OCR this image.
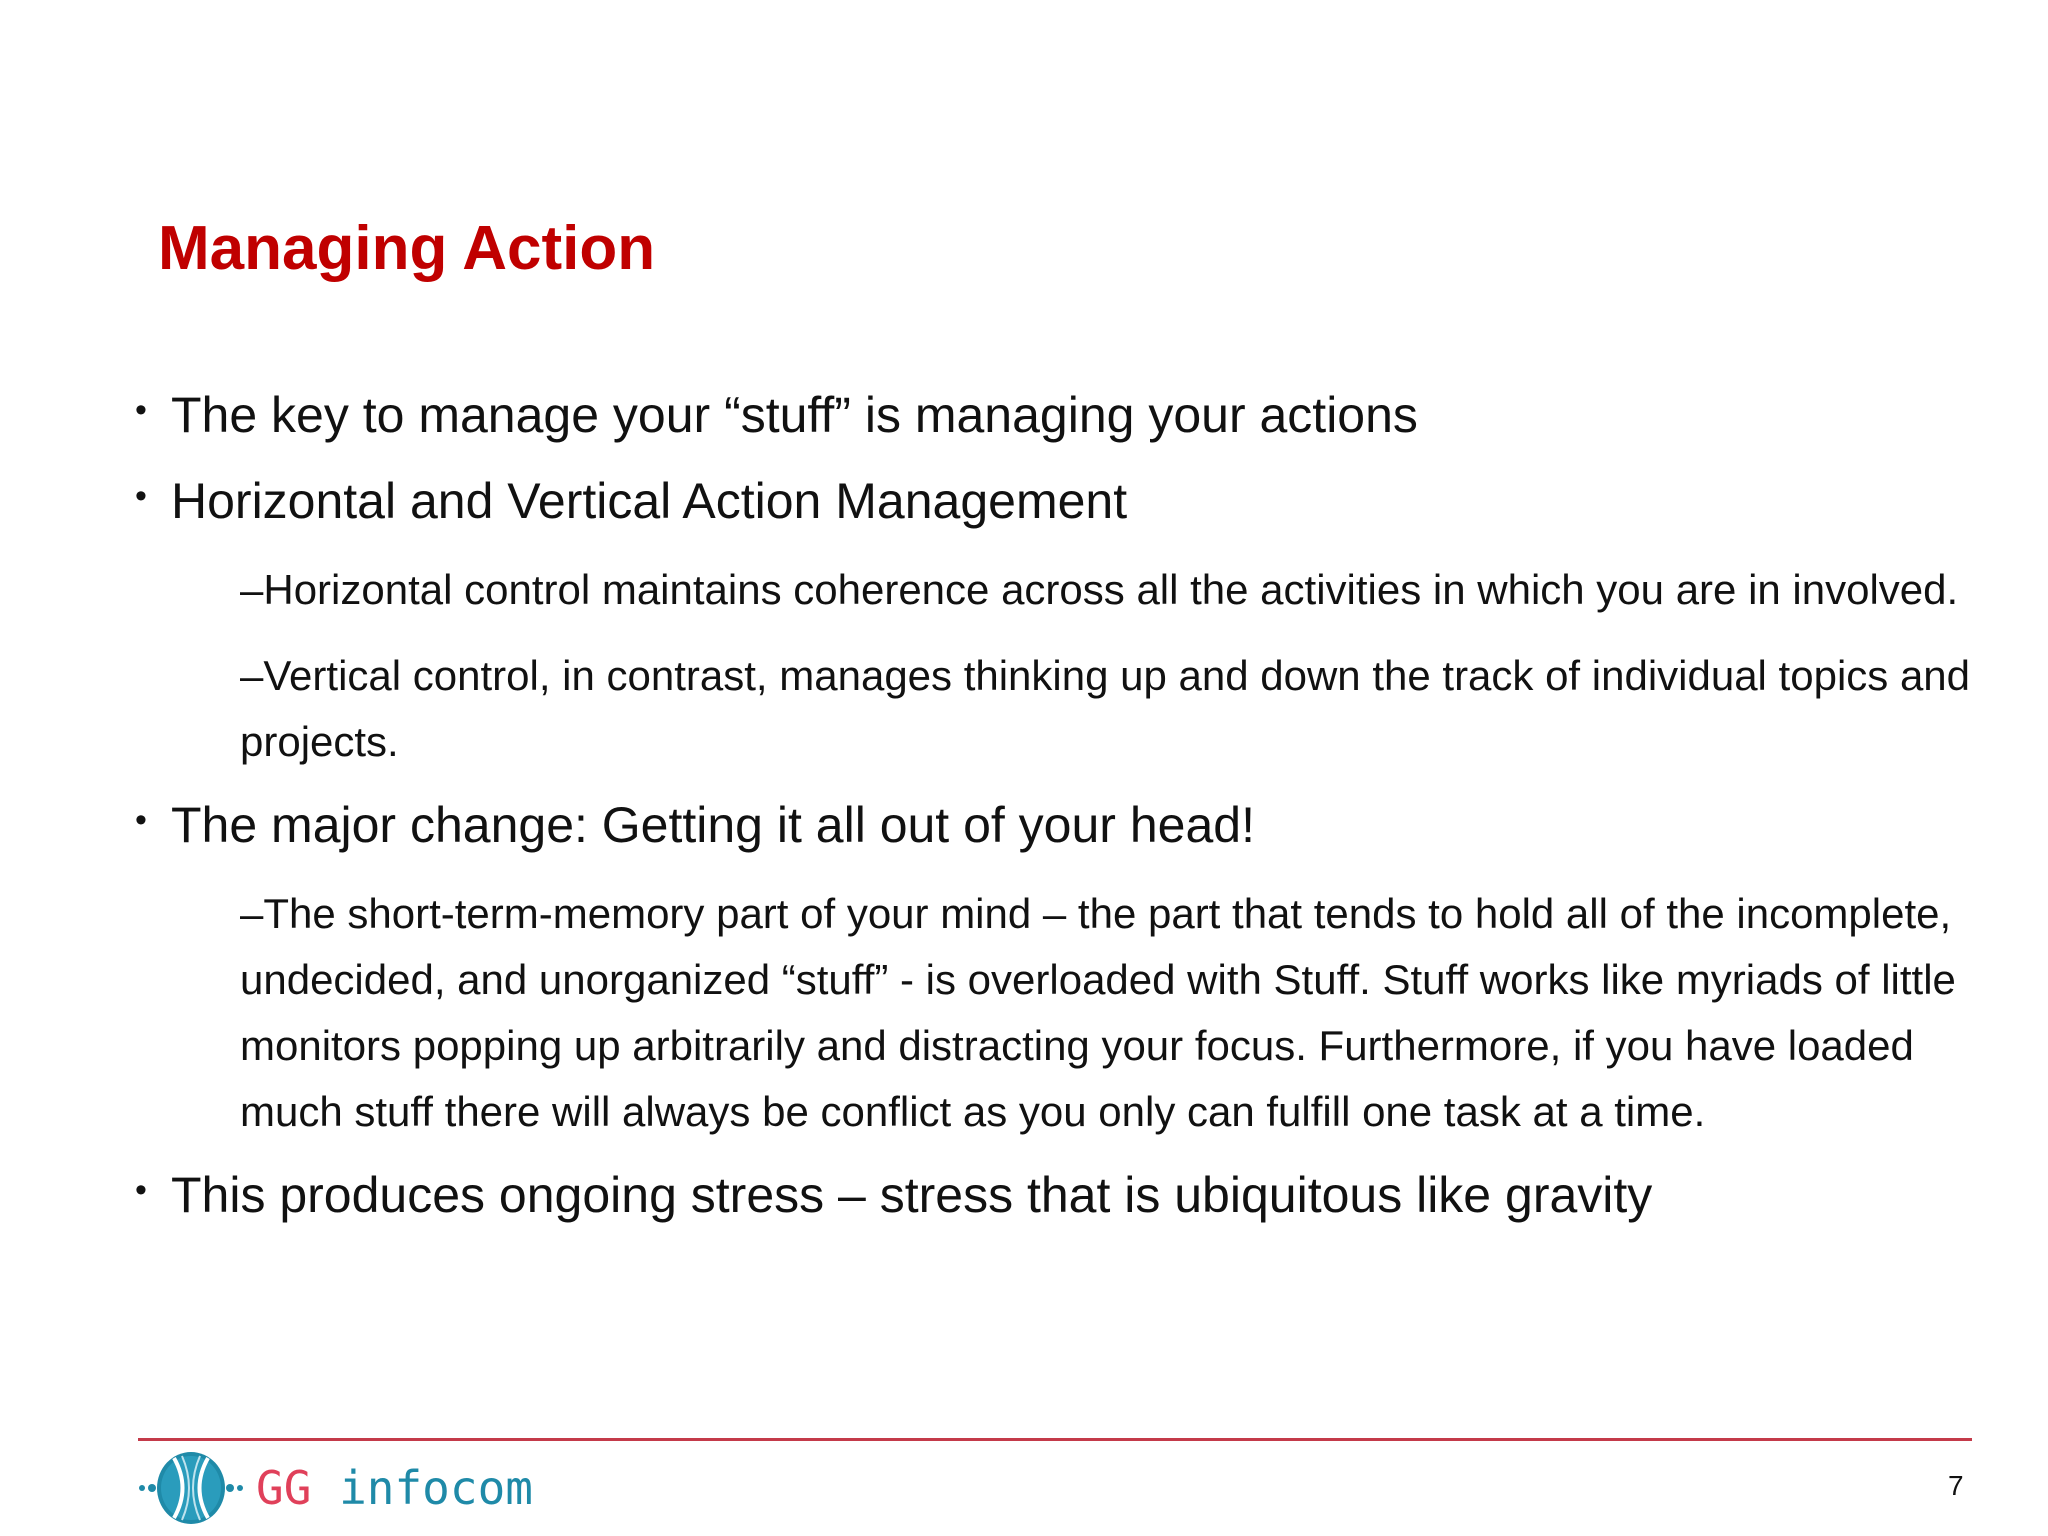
Managing Action
• The key to manage your “stuff” is managing your actions
• Horizontal and Vertical Action Management
–Horizontal control maintains coherence across all the activities in which you are in involved.
–Vertical control, in contrast, manages thinking up and down the track of individual topics and projects.
• The major change: Getting it all out of your head!
–The short-term-memory part of your mind – the part that tends to hold all of the incomplete, undecided, and unorganized “stuff” - is overloaded with Stuff. Stuff works like myriads of little monitors popping up arbitrarily and distracting your focus. Furthermore, if you have loaded much stuff there will always be conflict as you only can fulfill one task at a time.
• This produces ongoing stress – stress that is ubiquitous like gravity
GG infocom	7
